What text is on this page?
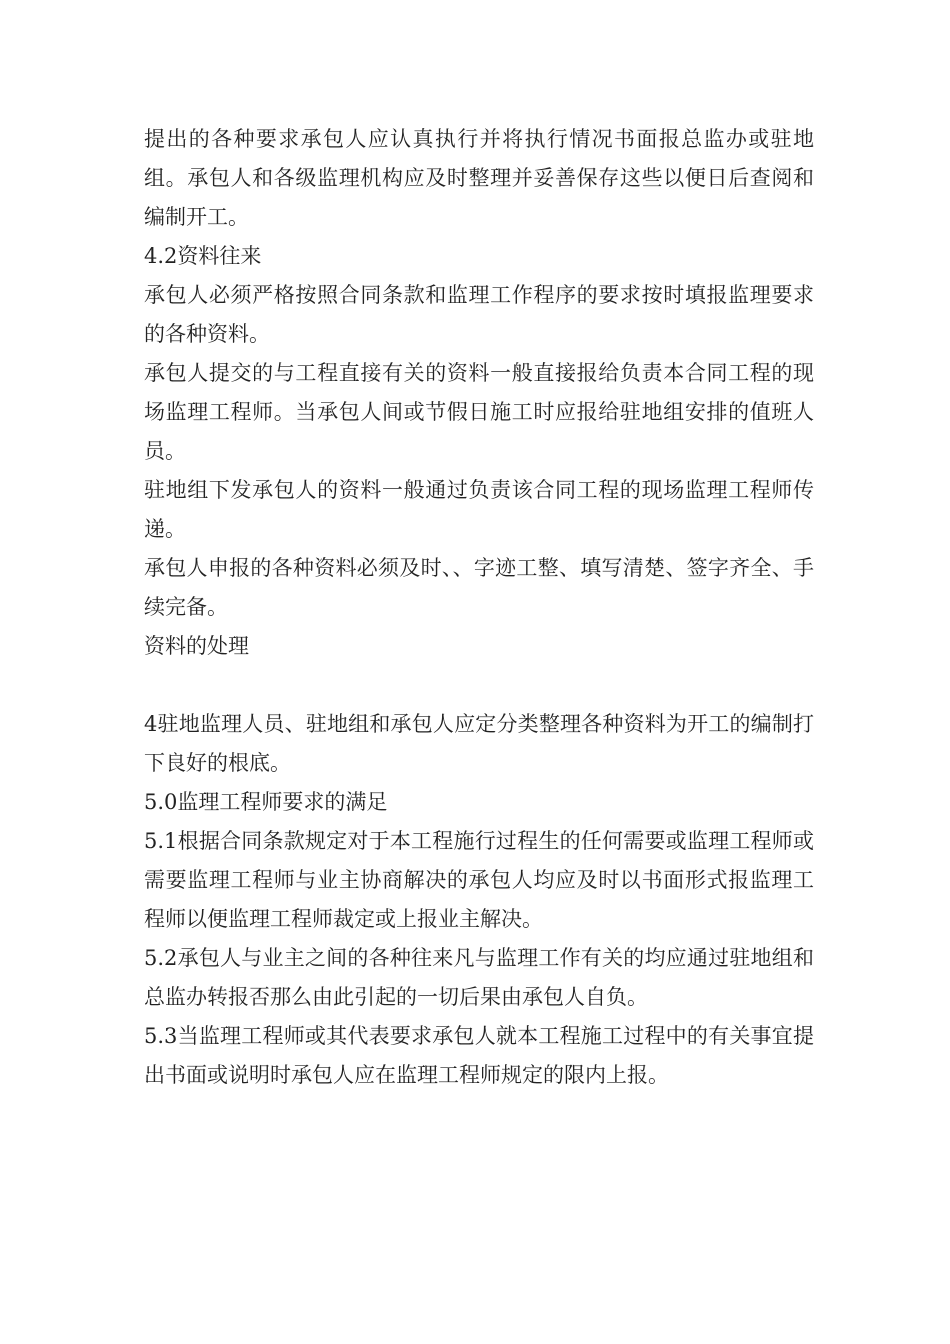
提出的各种要求承包人应认真执行并将执行情况书面报总监办或驻地组。承包人和各级监理机构应及时整理并妥善保存这些以便日后查阅和编制开工。

4.2资料往来

承包人必须严格按照合同条款和监理工作程序的要求按时填报监理要求的各种资料。

承包人提交的与工程直接有关的资料一般直接报给负责本合同工程的现场监理工程师。当承包人间或节假日施工时应报给驻地组安排的值班人员。

驻地组下发承包人的资料一般通过负责该合同工程的现场监理工程师传递。

承包人申报的各种资料必须及时、、字迹工整、填写清楚、签字齐全、手续完备。

资料的处理

4驻地监理人员、驻地组和承包人应定分类整理各种资料为开工的编制打下良好的根底。

5.0监理工程师要求的满足

5.1根据合同条款规定对于本工程施行过程生的任何需要或监理工程师或需要监理工程师与业主协商解决的承包人均应及时以书面形式报监理工程师以便监理工程师裁定或上报业主解决。

5.2承包人与业主之间的各种往来凡与监理工作有关的均应通过驻地组和总监办转报否那么由此引起的一切后果由承包人自负。

5.3当监理工程师或其代表要求承包人就本工程施工过程中的有关事宜提出书面或说明时承包人应在监理工程师规定的限内上报。
